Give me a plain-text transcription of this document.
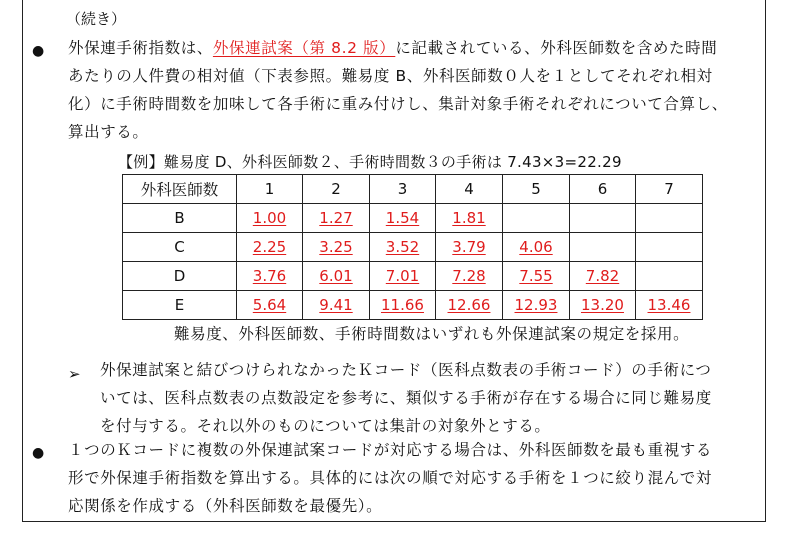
（続き）
● 外保連手術指数は、外保連試案（第 8.2 版）に記載されている、外科医師数を含めた時間
あたりの人件費の相対値（下表参照。難易度 B、外科医師数０人を１としてそれぞれ相対
化）に手術時間数を加味して各手術に重み付けし、集計対象手術それぞれについて合算し、
算出する。
【例】難易度 D、外科医師数２、手術時間数３の手術は 7.43×3=22.29
外科医師数	1	2	3	4	5	6	7
B	1.00	1.27	1.54	1.81			
C	2.25	3.25	3.52	3.79	4.06		
D	3.76	6.01	7.01	7.28	7.55	7.82	
E	5.64	9.41	11.66	12.66	12.93	13.20	13.46
難易度、外科医師数、手術時間数はいずれも外保連試案の規定を採用。
➢ 外保連試案と結びつけられなかったＫコード（医科点数表の手術コード）の手術につ
いては、医科点数表の点数設定を参考に、類似する手術が存在する場合に同じ難易度
を付与する。それ以外のものについては集計の対象外とする。
● １つのＫコードに複数の外保連試案コードが対応する場合は、外科医師数を最も重視する
形で外保連手術指数を算出する。具体的には次の順で対応する手術を１つに絞り混んで対
応関係を作成する（外科医師数を最優先）。
